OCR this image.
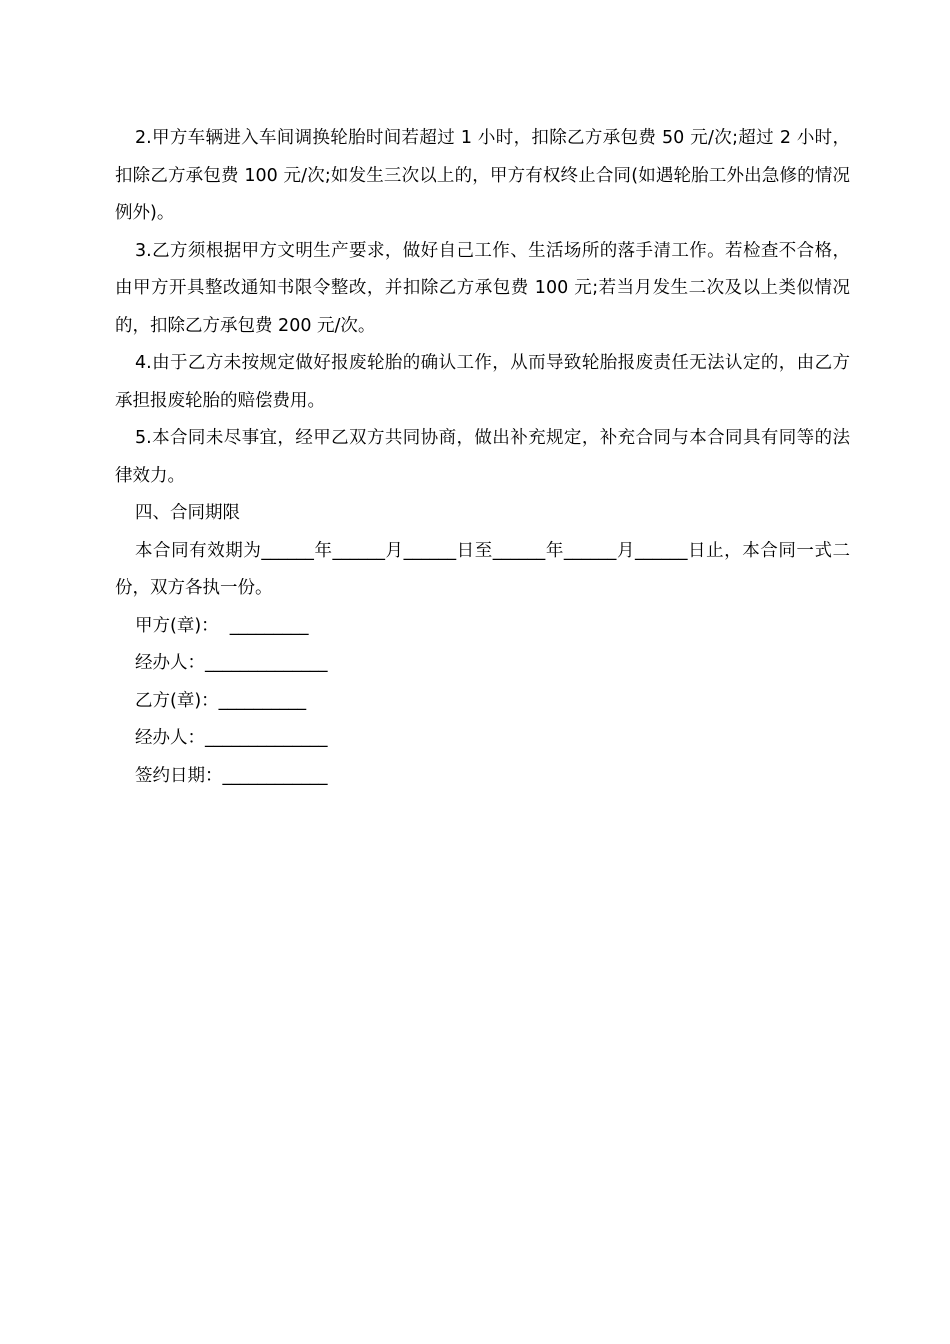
2.甲方车辆进入车间调换轮胎时间若超过 1 小时，扣除乙方承包费 50 元/次;超过 2 小时，扣除乙方承包费 100 元/次;如发生三次以上的，甲方有权终止合同(如遇轮胎工外出急修的情况例外)。

3.乙方须根据甲方文明生产要求，做好自己工作、生活场所的落手清工作。若检查不合格，由甲方开具整改通知书限令整改，并扣除乙方承包费 100 元;若当月发生二次及以上类似情况的，扣除乙方承包费 200 元/次。

4.由于乙方未按规定做好报废轮胎的确认工作，从而导致轮胎报废责任无法认定的，由乙方承担报废轮胎的赔偿费用。

5.本合同未尽事宜，经甲乙双方共同协商，做出补充规定，补充合同与本合同具有同等的法律效力。

四、合同期限

本合同有效期为______年______月______日至______年______月______日止，本合同一式二份，双方各执一份。

甲方(章)：  _________

经办人：______________

乙方(章)：__________

经办人：______________

签约日期：____________
